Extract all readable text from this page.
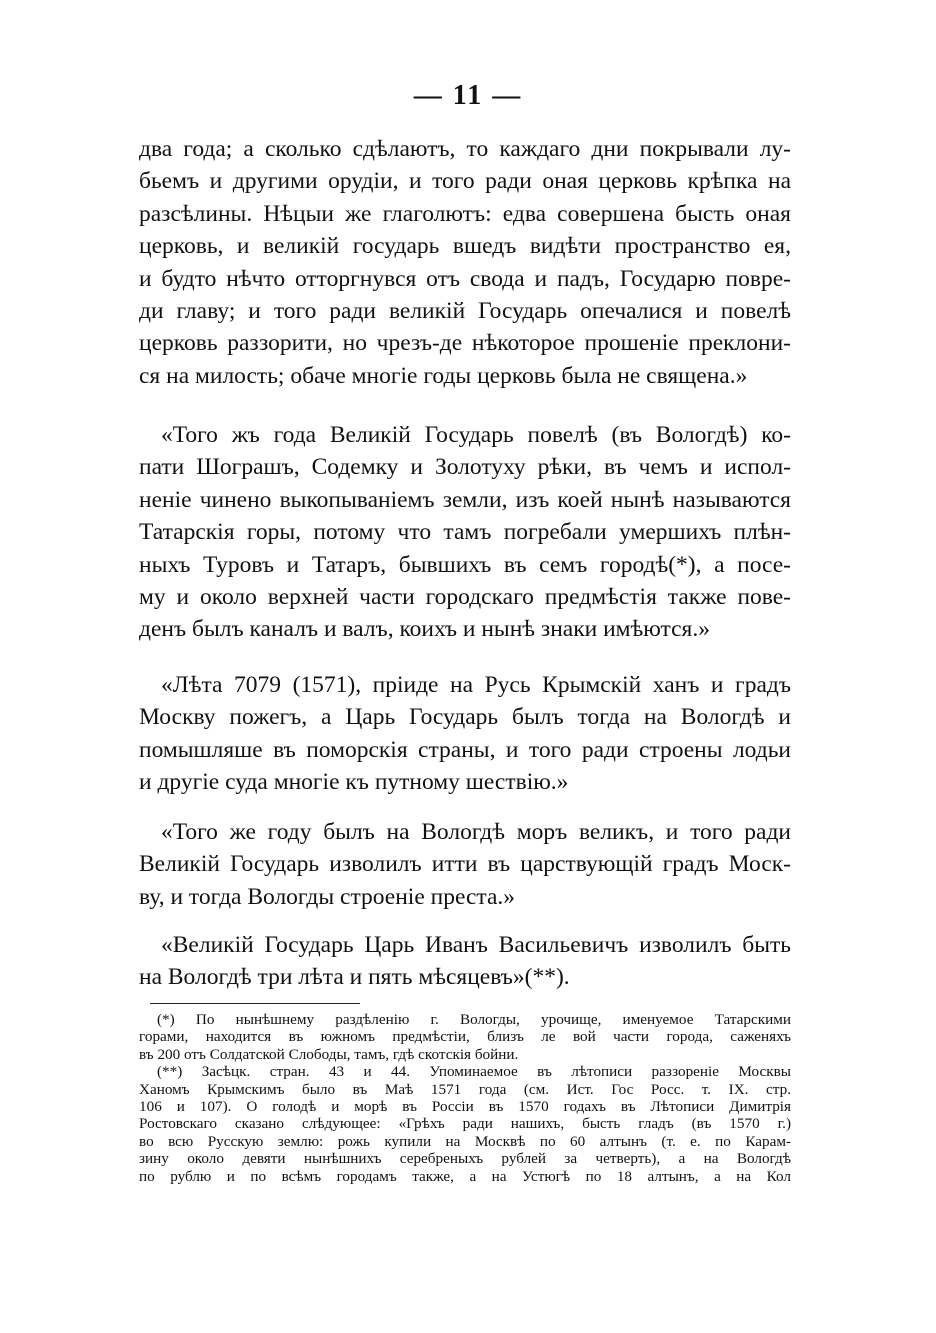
— 11 —
два года; а сколько сдѣлаютъ, то каждаго дни покрывали лу-
бьемъ и другими орудіи, и того ради оная церковь крѣпка на
разсѣлины. Нѣцыи же глаголютъ: едва совершена бысть оная
церковь, и великій государь вшедъ видѣти пространство ея,
и будто нѣчто отторгнувся отъ свода и падъ, Государю повре-
ди главу; и того ради великій Государь опечалися и повелѣ
церковь раззорити, но чрезъ-де нѣкоторое прошеніе преклони-
ся на милость; обаче многіе годы церковь была не священа.»
«Того жъ года Великій Государь повелѣ (въ Вологдѣ) ко-
пати Шограшъ, Содемку и Золотуху рѣки, въ чемъ и испол-
неніе чинено выкопываніемъ земли, изъ коей нынѣ называются
Татарскія горы, потому что тамъ погребали умершихъ плѣн-
ныхъ Туровъ и Татаръ, бывшихъ въ семъ городѣ(*), а посе-
му и около верхней части городскаго предмѣстія также пове-
денъ былъ каналъ и валъ, коихъ и нынѣ знаки имѣются.»
«Лѣта 7079 (1571), пріиде на Русь Крымскій ханъ и градъ
Москву пожегъ, а Царь Государь былъ тогда на Вологдѣ и
помышляше въ поморскія страны, и того ради строены лодьи
и другіе суда многіе къ путному шествію.»
«Того же году былъ на Вологдѣ моръ великъ, и того ради
Великій Государь изволилъ итти въ царствующій градъ Моск-
ву, и тогда Вологды строеніе преста.»
«Великій Государь Царь Иванъ Васильевичъ изволилъ быть
на Вологдѣ три лѣта и пять мѣсяцевъ»(**).
(*) По нынѣшнему раздѣленію г. Вологды, урочище, именуемое Татарскими
горами, находится въ южномъ предмѣстіи, близъ ле вой части города, саженяхъ
въ 200 отъ Солдатской Слободы, тамъ, гдѣ скотскія бойни.
(**) Засѣцк. стран. 43 и 44. Упоминаемое въ лѣтописи раззореніе Москвы
Ханомъ Крымскимъ было въ Маѣ 1571 года (см. Ист. Гос Росс. т. IX. стр.
106 и 107). О голодѣ и морѣ въ Россіи въ 1570 годахъ въ Лѣтописи Димитрія
Ростовскаго сказано слѣдующее: «Грѣхъ ради нашихъ, бысть гладъ (въ 1570 г.)
во всю Русскую землю: рожь купили на Москвѣ по 60 алтынъ (т. е. по Карам-
зину около девяти нынѣшнихъ серебреныхъ рублей за четверть), а на Вологдѣ
по рублю и по всѣмъ городамъ также, а на Устюгѣ по 18 алтынъ, а на Кол
